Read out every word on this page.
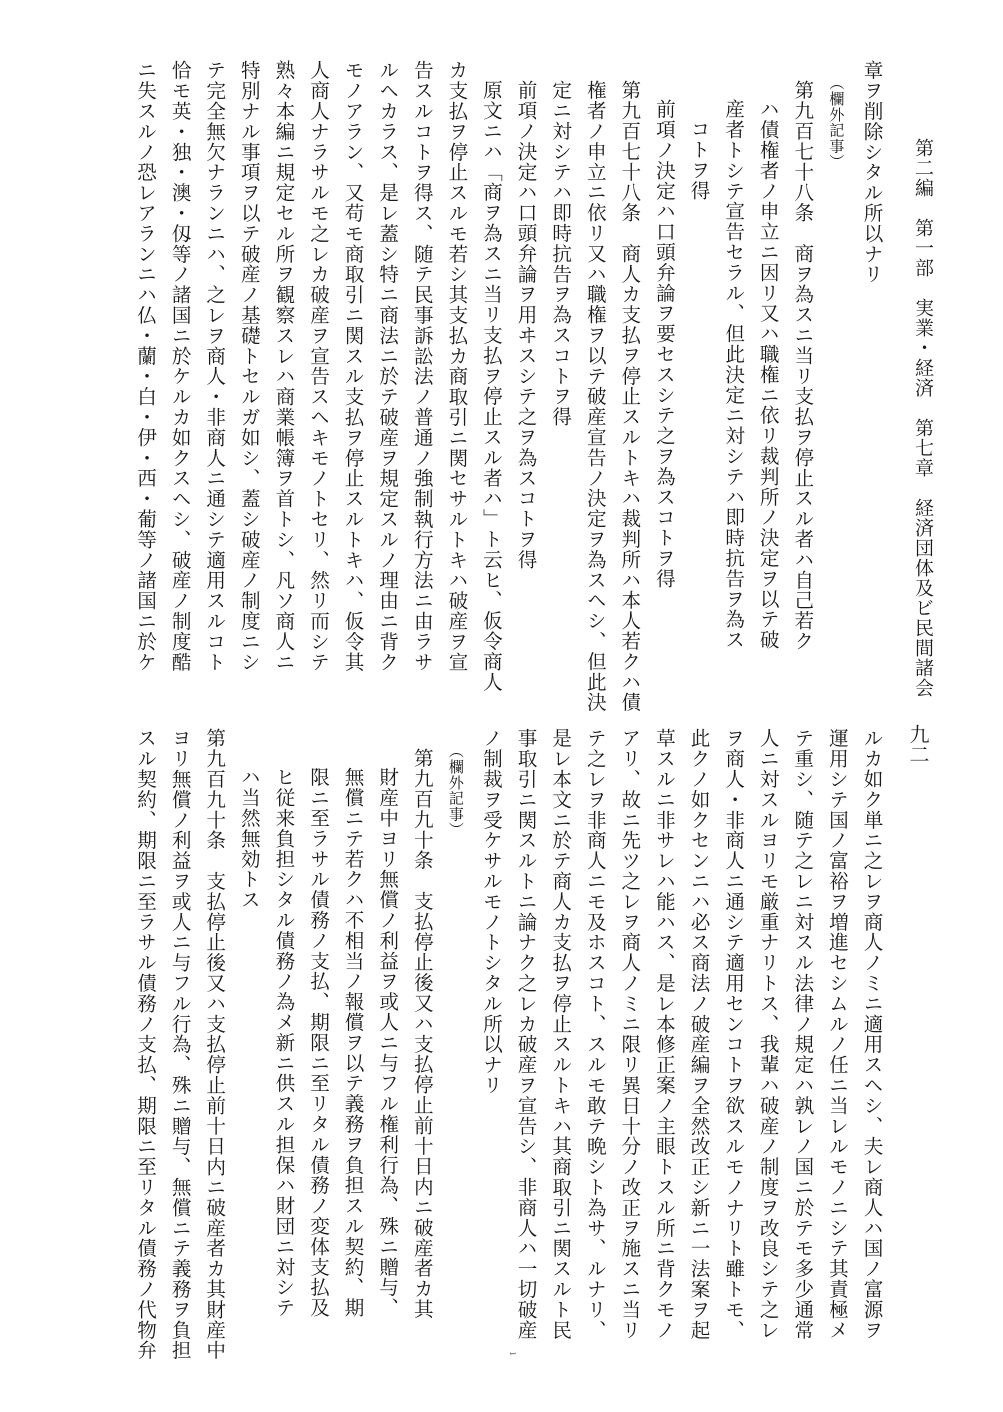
第二編　第一部　実業・経済　第七章　経済団体及ビ民間諸会
九二
章ヲ削除シタル所以ナリ
（欄外記事）
第九百七十八条　商ヲ為スニ当リ支払ヲ停止スル者ハ自己若ク
ハ債権者ノ申立ニ因リ又ハ職権ニ依リ裁判所ノ決定ヲ以テ破
産者トシテ宣告セラル、但此決定ニ対シテハ即時抗告ヲ為ス
コトヲ得
前項ノ決定ハ口頭弁論ヲ要セスシテ之ヲ為スコトヲ得
第九百七十八条　商人カ支払ヲ停止スルトキハ裁判所ハ本人若クハ債
権者ノ申立ニ依リ又ハ職権ヲ以テ破産宣告ノ決定ヲ為スヘシ、但此決
定ニ対シテハ即時抗告ヲ為スコトヲ得
前項ノ決定ハ口頭弁論ヲ用ヰスシテ之ヲ為スコトヲ得
原文ニハ「商ヲ為スニ当リ支払ヲ停止スル者ハ」ト云ヒ、仮令商人
カ支払ヲ停止スルモ若シ其支払カ商取引ニ関セサルトキハ破産ヲ宣
告スルコトヲ得ス、随テ民事訴訟法ノ普通ノ強制執行方法ニ由ラサ
ルヘカラス、是レ蓋シ特ニ商法ニ於テ破産ヲ規定スルノ理由ニ背ク
モノアラン、又苟モ商取引ニ関スル支払ヲ停止スルトキハ、仮令其
人商人ナラサルモ之レカ破産ヲ宣告スヘキモノトセリ、然リ而シテ
熟々本編ニ規定セル所ヲ観察スレハ商業帳簿ヲ首トシ、凡ソ商人ニ
特別ナル事項ヲ以テ破産ノ基礎トセルガ如シ、蓋シ破産ノ制度ニシ
テ完全無欠ナランニハ、之レヲ商人・非商人ニ通シテ適用スルコト
恰モ英・独・澳・仭等ノ諸国ニ於ケルカ如クスヘシ、破産ノ制度酷
ニ失スルノ恐レアランニハ仏・蘭・白・伊・西・葡等ノ諸国ニ於ケ
ルカ如ク単ニ之レヲ商人ノミニ適用スヘシ、夫レ商人ハ国ノ富源ヲ
運用シテ国ノ富裕ヲ増進セシムルノ任ニ当レルモノニシテ其責極メ
テ重シ、随テ之レニ対スル法律ノ規定ハ孰レノ国ニ於テモ多少通常
人ニ対スルヨリモ厳重ナリトス、我輩ハ破産ノ制度ヲ改良シテ之レ
ヲ商人・非商人ニ通シテ適用センコトヲ欲スルモノナリト雖トモ、
此クノ如クセンニハ必ス商法ノ破産編ヲ全然改正シ新ニ一法案ヲ起
草スルニ非サレハ能ハス、是レ本修正案ノ主眼トスル所ニ背クモノ
アリ、故ニ先ツ之レヲ商人ノミニ限リ異日十分ノ改正ヲ施スニ当リ
テ之レヲ非商人ニモ及ホスコト、スルモ敢テ晩シト為サ、ルナリ、
是レ本文ニ於テ商人カ支払ヲ停止スルトキハ其商取引ニ関スルト民
事取引ニ関スルトニ論ナク之レカ破産ヲ宣告シ、非商人ハ一切破産
ノ制裁ヲ受ケサルモノトシタル所以ナリ
（欄外記事）
第九百九十条　支払停止後又ハ支払停止前十日内ニ破産者カ其
財産中ヨリ無償ノ利益ヲ或人ニ与フル権利行為、殊ニ贈与、
無償ニテ若クハ不相当ノ報償ヲ以テ義務ヲ負担スル契約、期
限ニ至ラサル債務ノ支払、期限ニ至リタル債務ノ変体支払及
ヒ従来負担シタル債務ノ為メ新ニ供スル担保ハ財団ニ対シテ
ハ当然無効トス
第九百九十条　支払停止後又ハ支払停止前十日内ニ破産者カ其財産中
ヨリ無償ノ利益ヲ或人ニ与フル行為、殊ニ贈与、無償ニテ義務ヲ負担
スル契約、期限ニ至ラサル債務ノ支払、期限ニ至リタル債務ノ代物弁	ı
